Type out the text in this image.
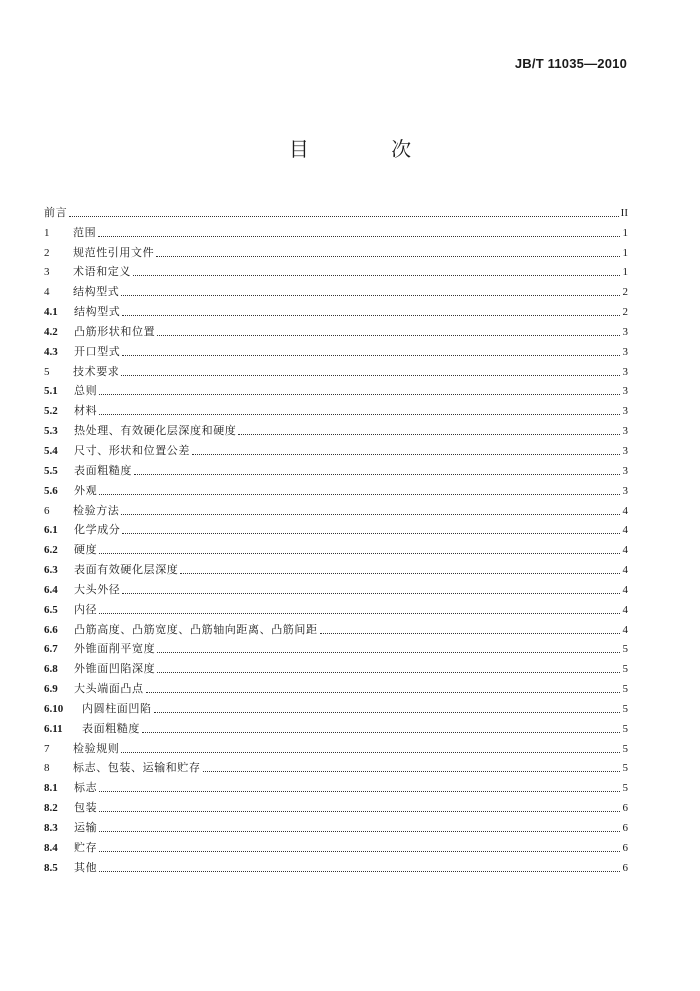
JB/T 11035—2010
目 次
前言	II
1	范围	1
2	规范性引用文件	1
3	术语和定义	1
4	结构型式	2
4.1	结构型式	2
4.2	凸筋形状和位置	3
4.3	开口型式	3
5	技术要求	3
5.1	总则	3
5.2	材料	3
5.3	热处理、有效硬化层深度和硬度	3
5.4	尺寸、形状和位置公差	3
5.5	表面粗糙度	3
5.6	外观	3
6	检验方法	4
6.1	化学成分	4
6.2	硬度	4
6.3	表面有效硬化层深度	4
6.4	大头外径	4
6.5	内径	4
6.6	凸筋高度、凸筋宽度、凸筋轴向距离、凸筋间距	4
6.7	外锥面削平宽度	5
6.8	外锥面凹陷深度	5
6.9	大头端面凸点	5
6.10	内圆柱面凹陷	5
6.11	表面粗糙度	5
7	检验规则	5
8	标志、包装、运输和贮存	5
8.1	标志	5
8.2	包装	6
8.3	运输	6
8.4	贮存	6
8.5	其他	6
